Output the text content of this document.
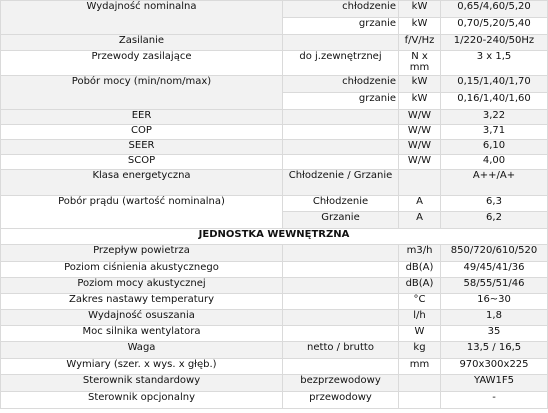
Wydajność nominalna	chłodzenie	kW	0,65/4,60/5,20
	grzanie	kW	0,70/5,20/5,40
Zasilanie		f/V/Hz	1/220-240/50Hz
Przewody zasilające	do j.zewnętrznej	N x mm	3 x 1,5
Pobór mocy (min/nom/max)	chłodzenie	kW	0,15/1,40/1,70
	grzanie	kW	0,16/1,40/1,60
EER		W/W	3,22
COP		W/W	3,71
SEER		W/W	6,10
SCOP		W/W	4,00
Klasa energetyczna	Chłodzenie / Grzanie		A++/A+
Pobór prądu (wartość nominalna)	Chłodzenie	A	6,3
	Grzanie	A	6,2
JEDNOSTKA WEWNĘTRZNA			
Przepływ powietrza		m3/h	850/720/610/520
Poziom ciśnienia akustycznego		dB(A)	49/45/41/36
Poziom mocy akustycznej		dB(A)	58/55/51/46
Zakres nastawy temperatury		°C	16~30
Wydajność osuszania		l/h	1,8
Moc silnika wentylatora		W	35
Waga	netto / brutto	kg	13,5 / 16,5
Wymiary (szer. x wys. x głęb.)		mm	970x300x225
Sterownik standardowy	bezprzewodowy		YAW1F5
Sterownik opcjonalny	przewodowy		-
